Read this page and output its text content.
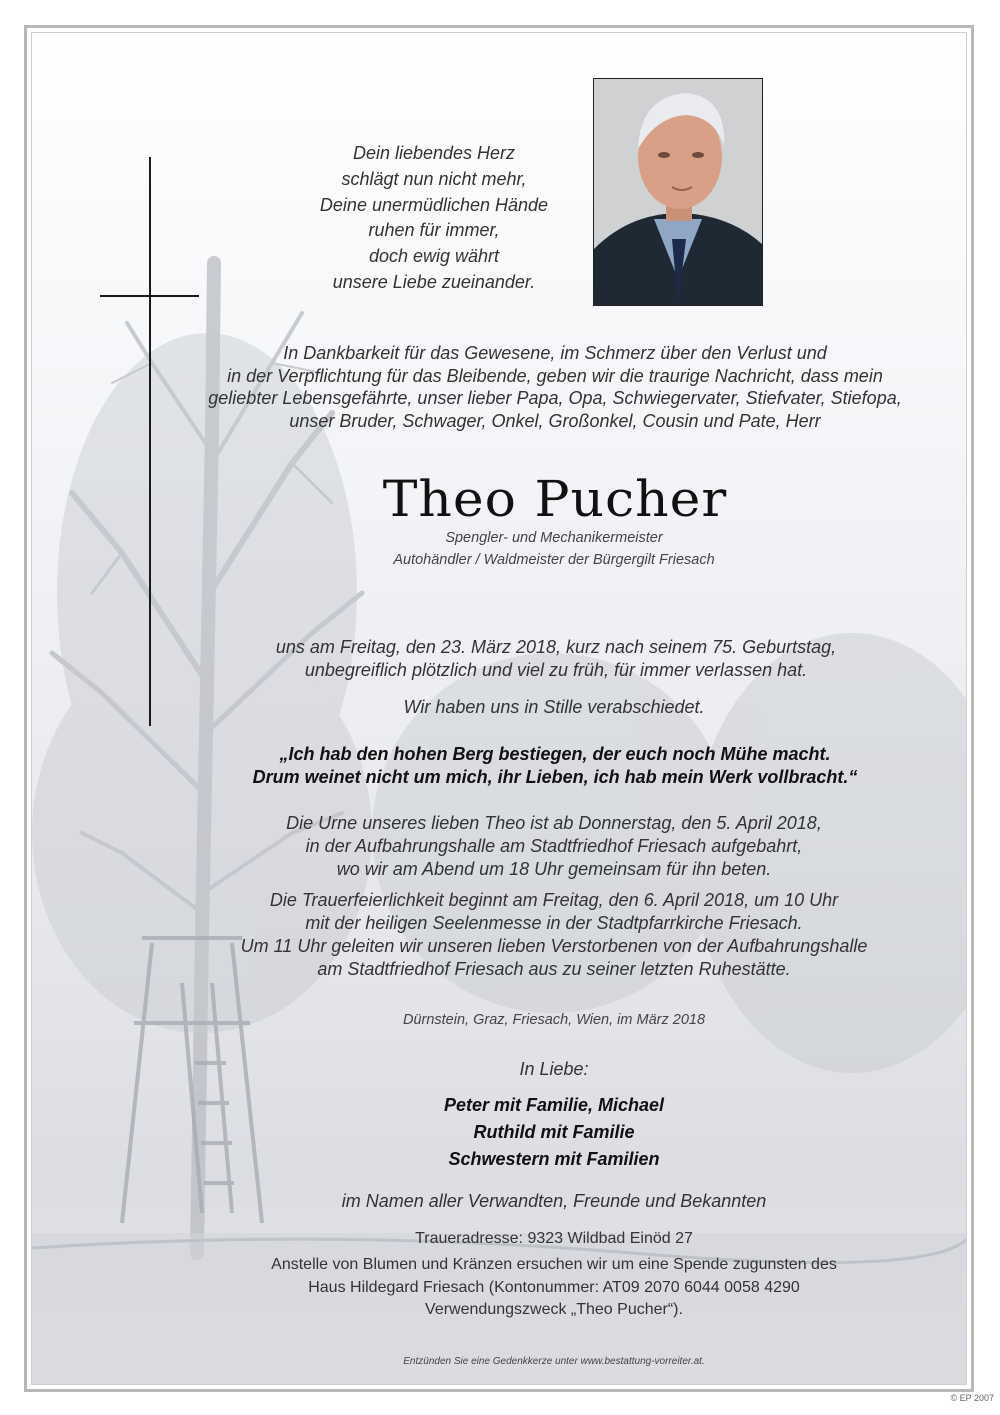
Dein liebendes Herz
schlägt nun nicht mehr,
Deine unermüdlichen Hände
ruhen für immer,
doch ewig währt
unsere Liebe zueinander.
In Dankbarkeit für das Gewesene, im Schmerz über den Verlust und
in der Verpflichtung für das Bleibende, geben wir die traurige Nachricht, dass mein
geliebter Lebensgefährte, unser lieber Papa, Opa, Schwiegervater, Stiefvater, Stiefopa,
unser Bruder, Schwager, Onkel, Großonkel, Cousin und Pate, Herr
Theo Pucher
Spengler- und Mechanikermeister
Autohändler / Waldmeister der Bürgergilt Friesach
uns am Freitag, den 23. März 2018, kurz nach seinem 75. Geburtstag,
unbegreiflich plötzlich und viel zu früh, für immer verlassen hat.
Wir haben uns in Stille verabschiedet.
„Ich hab den hohen Berg bestiegen, der euch noch Mühe macht.
Drum weinet nicht um mich, ihr Lieben, ich hab mein Werk vollbracht.“
Die Urne unseres lieben Theo ist ab Donnerstag, den 5. April 2018,
in der Aufbahrungshalle am Stadtfriedhof Friesach aufgebahrt,
wo wir am Abend um 18 Uhr gemeinsam für ihn beten.
Die Trauerfeierlichkeit beginnt am Freitag, den 6. April 2018, um 10 Uhr
mit der heiligen Seelenmesse in der Stadtpfarrkirche Friesach.
Um 11 Uhr geleiten wir unseren lieben Verstorbenen von der Aufbahrungshalle
am Stadtfriedhof Friesach aus zu seiner letzten Ruhestätte.
Dürnstein, Graz, Friesach, Wien, im März 2018
In Liebe:
Peter mit Familie, Michael
Ruthild mit Familie
Schwestern mit Familien
im Namen aller Verwandten, Freunde und Bekannten
Traueradresse: 9323 Wildbad Einöd 27
Anstelle von Blumen und Kränzen ersuchen wir um eine Spende zugunsten des
Haus Hildegard Friesach (Kontonummer: AT09 2070 6044 0058 4290
Verwendungszweck „Theo Pucher“).
Entzünden Sie eine Gedenkkerze unter www.bestattung-vorreiter.at.
© EP 2007
